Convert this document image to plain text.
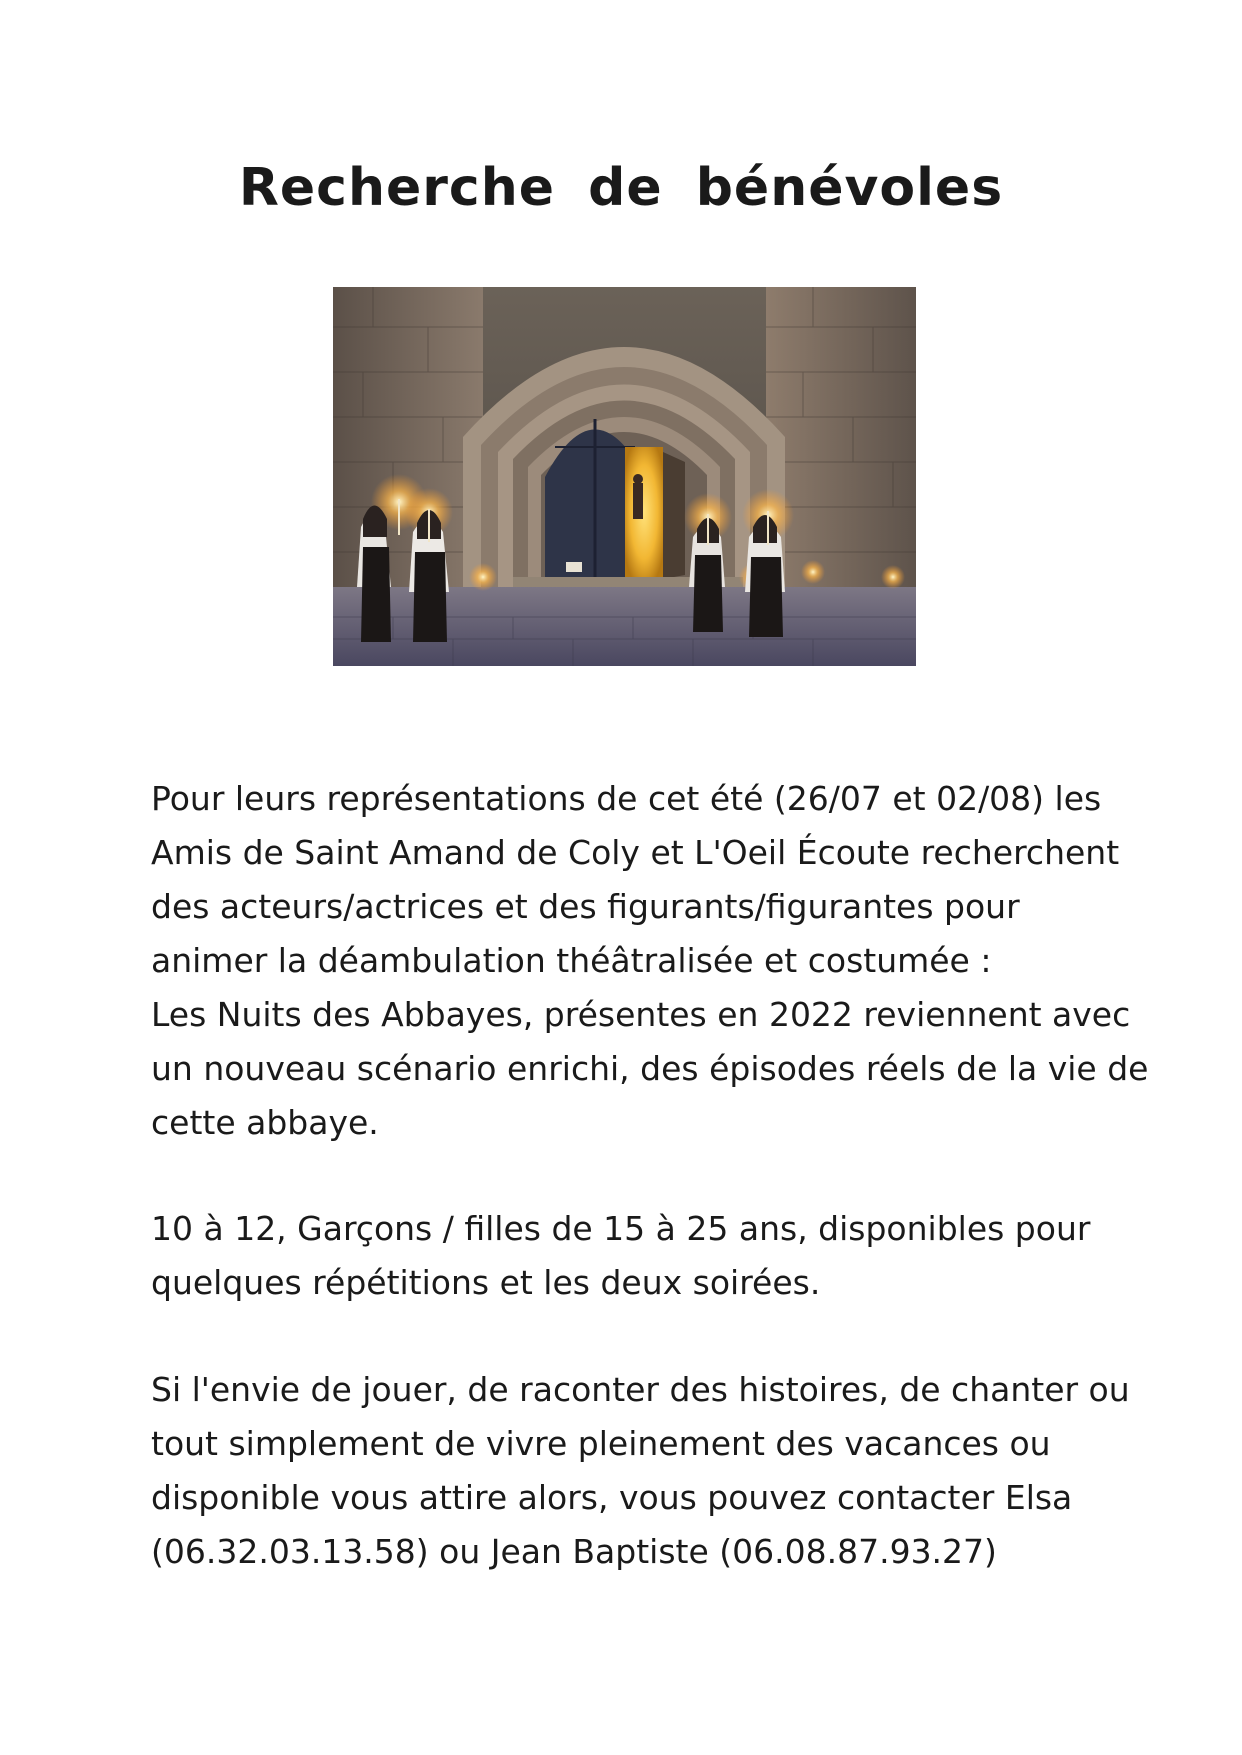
Recherche de bénévoles

Pour leurs représentations de cet été (26/07 et 02/08) les
Amis de Saint Amand de Coly et L'Oeil Écoute recherchent
des acteurs/actrices et des figurants/figurantes pour
animer la déambulation théâtralisée et costumée :
Les Nuits des Abbayes, présentes en 2022 reviennent avec
un nouveau scénario enrichi, des épisodes réels de la vie de
cette abbaye.

10 à 12, Garçons / filles de 15 à 25 ans, disponibles pour
quelques répétitions et les deux soirées.

Si l'envie de jouer, de raconter des histoires, de chanter ou
tout simplement de vivre pleinement des vacances ou
disponible vous attire alors, vous pouvez contacter Elsa
(06.32.03.13.58) ou Jean Baptiste (06.08.87.93.27)
